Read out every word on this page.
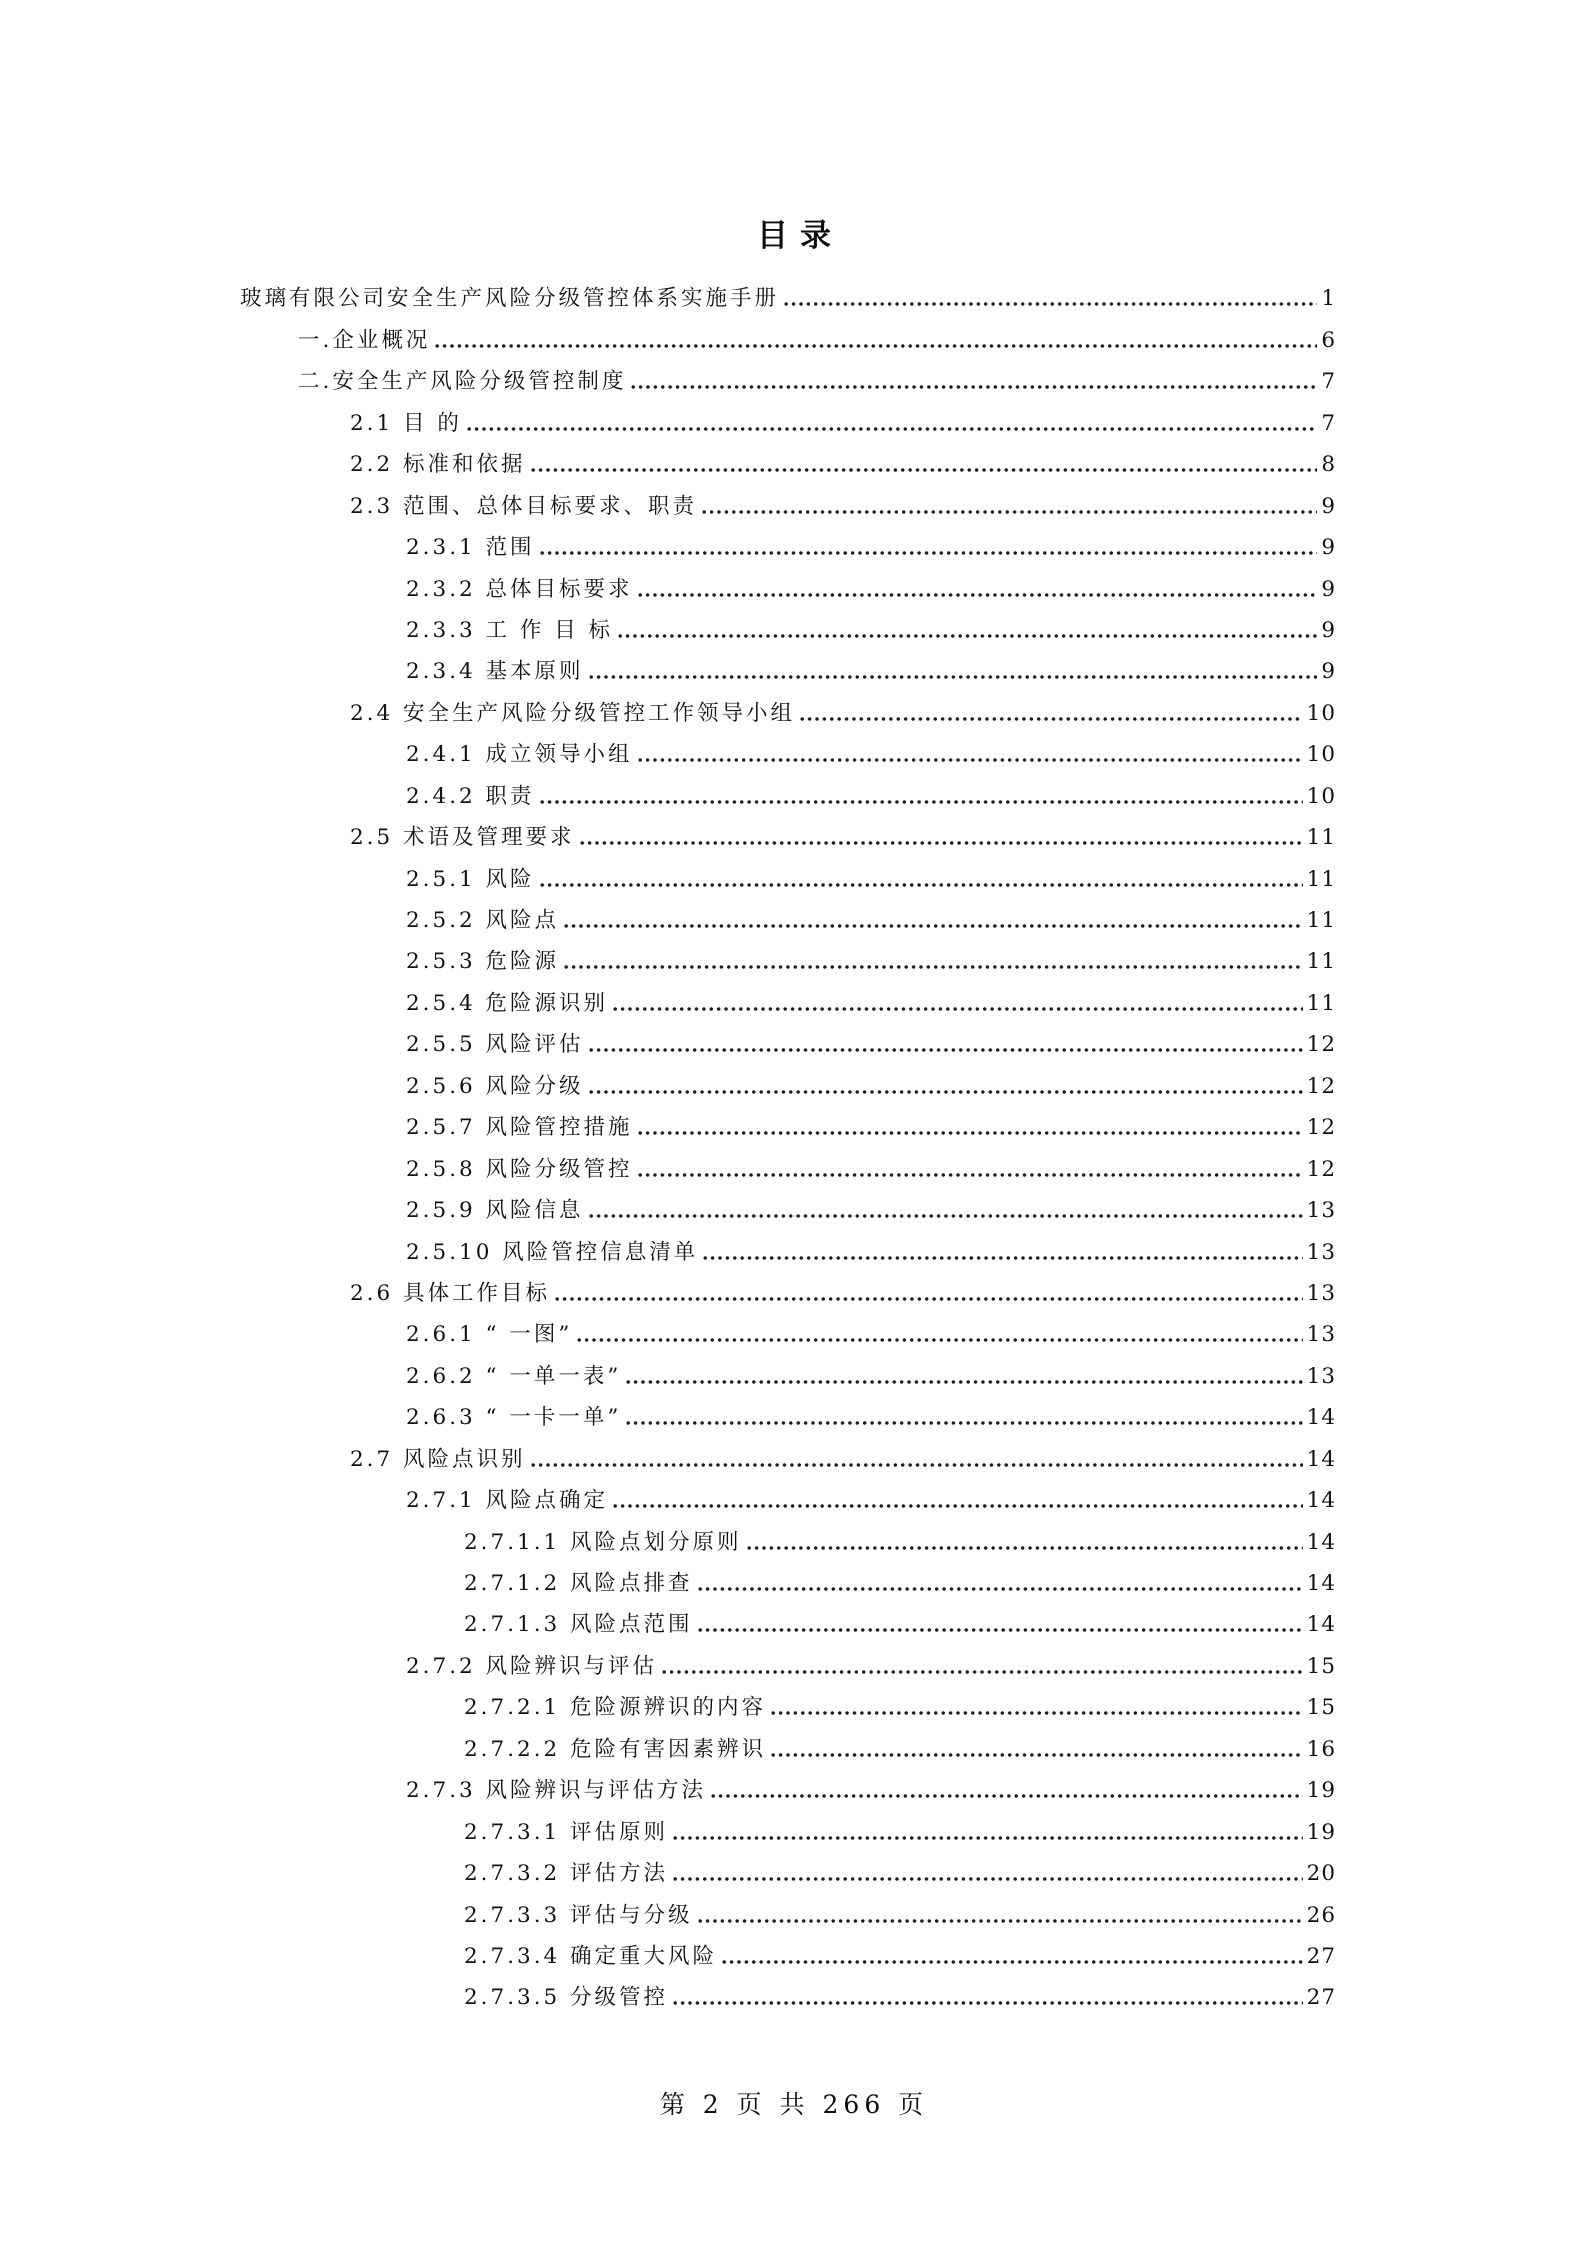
目录
玻璃有限公司安全生产风险分级管控体系实施手册	1
一.企业概况	6
二.安全生产风险分级管控制度	7
2.1 目 的	7
2.2 标准和依据	8
2.3 范围、总体目标要求、职责	9
2.3.1 范围	9
2.3.2 总体目标要求	9
2.3.3 工 作 目 标	9
2.3.4 基本原则	9
2.4 安全生产风险分级管控工作领导小组	10
2.4.1 成立领导小组	10
2.4.2 职责	10
2.5 术语及管理要求	11
2.5.1 风险	11
2.5.2 风险点	11
2.5.3 危险源	11
2.5.4 危险源识别	11
2.5.5 风险评估	12
2.5.6 风险分级	12
2.5.7 风险管控措施	12
2.5.8 风险分级管控	12
2.5.9 风险信息	13
2.5.10 风险管控信息清单	13
2.6 具体工作目标	13
2.6.1 “ 一图”	13
2.6.2 “ 一单一表”	13
2.6.3 “ 一卡一单”	14
2.7 风险点识别	14
2.7.1 风险点确定	14
2.7.1.1 风险点划分原则	14
2.7.1.2 风险点排查	14
2.7.1.3 风险点范围	14
2.7.2 风险辨识与评估	15
2.7.2.1 危险源辨识的内容	15
2.7.2.2 危险有害因素辨识	16
2.7.3 风险辨识与评估方法	19
2.7.3.1 评估原则	19
2.7.3.2 评估方法	20
2.7.3.3 评估与分级	26
2.7.3.4 确定重大风险	27
2.7.3.5 分级管控	27
第 2 页 共 266 页
